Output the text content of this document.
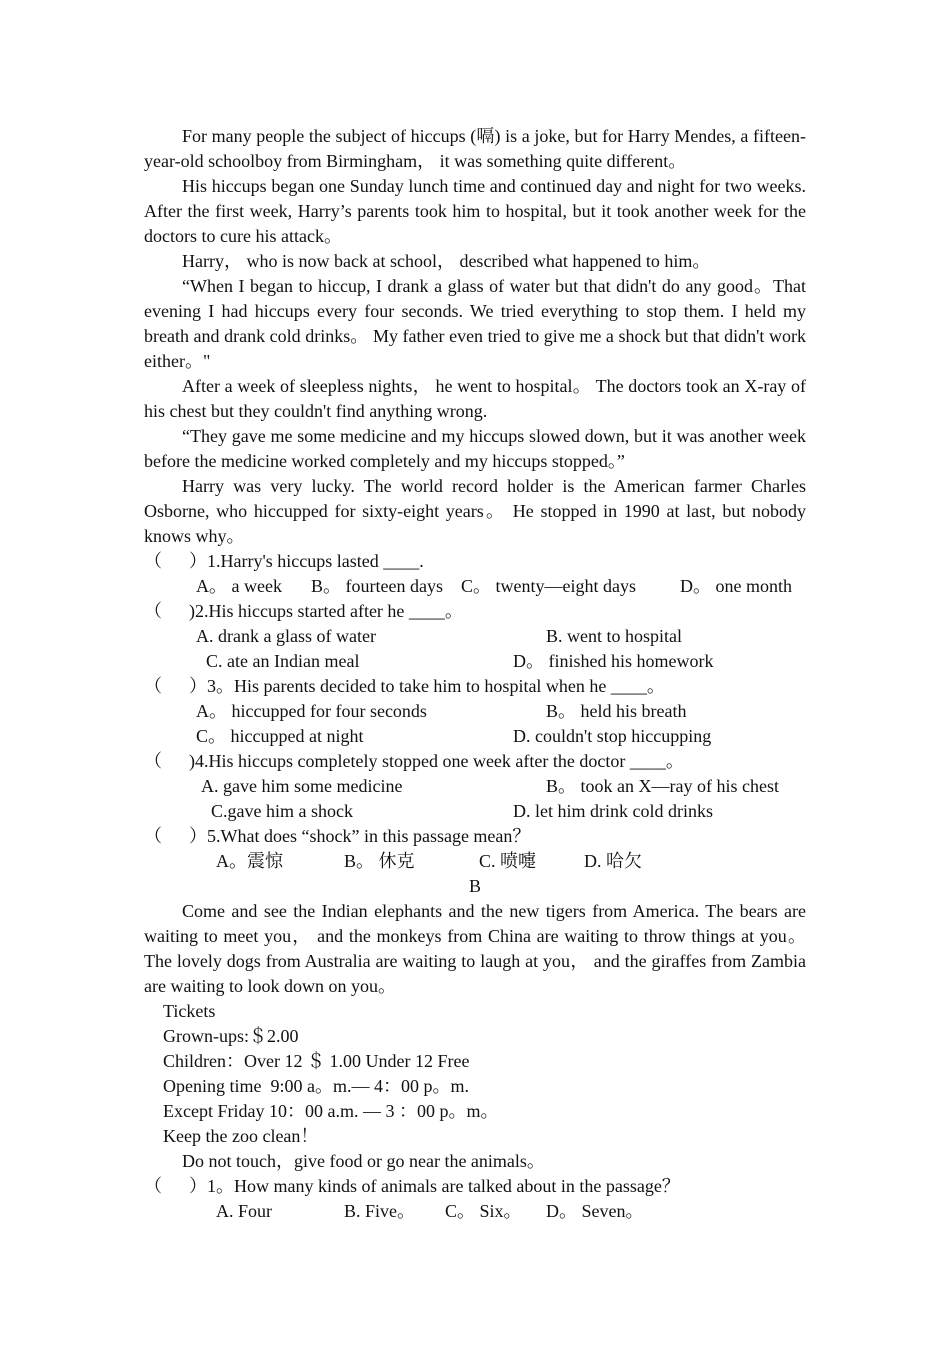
For many people the subject of hiccups (嗝) is a joke, but for Harry Mendes, a fifteen-year-old schoolboy from Birmingham， it was something quite different。

His hiccups began one Sunday lunch time and continued day and night for two weeks. After the first week, Harry’s parents took him to hospital, but it took another week for the doctors to cure his attack。

Harry， who is now back at school， described what happened to him。

“When I began to hiccup, I drank a glass of water but that didn't do any good。That evening I had hiccups every four seconds. We tried everything to stop them. I held my breath and drank cold drinks。 My father even tried to give me a shock but that didn't work either。"

After a week of sleepless nights， he went to hospital。 The doctors took an X-ray of his chest but they couldn't find anything wrong.

“They gave me some medicine and my hiccups slowed down, but it was another week before the medicine worked completely and my hiccups stopped。”

Harry was very lucky. The world record holder is the American farmer Charles Osborne, who hiccupped for sixty-eight years。 He stopped in 1990 at last, but nobody knows why。

（　  ）1.Harry's hiccups lasted ____.

A。 a week

B。 fourteen days

C。 twenty—eight days

D。 one month

（　  )2.His hiccups started after he ____。

A. drank a glass of water

	B. went to hospital

C. ate an Indian meal

	D。 finished his homework

（　  ）3。His parents decided to take him to hospital when he ____。

A。 hiccupped for four seconds

	B。 held his breath

C。 hiccupped at night

	D. couldn't stop hiccupping

（　  )4.His hiccups completely stopped one week after the doctor ____。

A. gave him some medicine

	B。 took an X—ray of his chest

C.gave him a shock

	D. let him drink cold drinks

（　  ）5.What does “shock” in this passage mean？

A。震惊

	B。 休克

	C. 喷嚏

	D. 哈欠

B

Come and see the Indian elephants and the new tigers from America. The bears are waiting to meet you， and the monkeys from China are waiting to throw things at you。 The lovely dogs from Australia are waiting to laugh at you， and the giraffes from Zambia are waiting to look down on you。

Tickets

Grown-ups:＄2.00

Children：Over 12 ＄ 1.00 Under 12 Free

Opening time  9:00 a。m.— 4：00 p。m.

Except Friday 10：00 a.m. — 3 ：00 p。m。

Keep the zoo clean！

Do not touch，give food or go near the animals。

（　  ）1。How many kinds of animals are talked about in the passage？

A. Four

	B. Five。

C。 Six。

D。 Seven。
